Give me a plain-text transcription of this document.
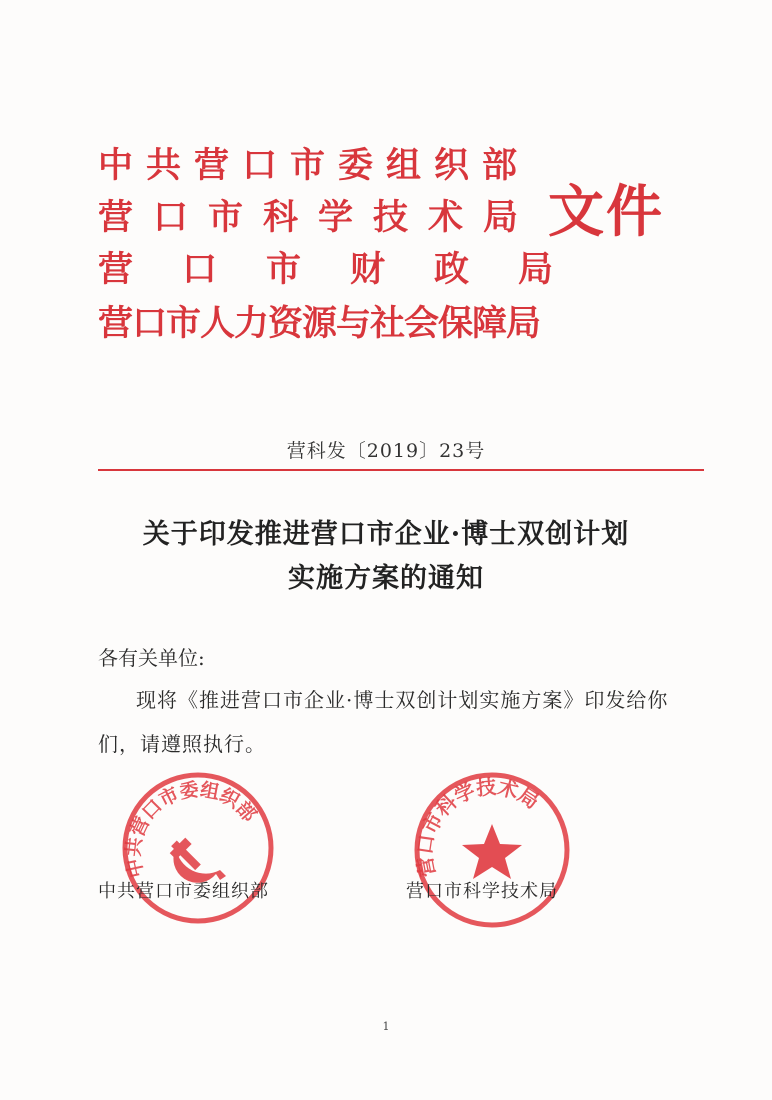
中共营口市委组织部
营口市科学技术局
营口市财政局
营口市人力资源与社会保障局
文件
营科发〔2019〕23号
关于印发推进营口市企业·博士双创计划
实施方案的通知
各有关单位:
现将《推进营口市企业·博士双创计划实施方案》印发给你
们，请遵照执行。
中共营口市委组织部
营口市科学技术局
中共营口市委组织部	营口市科学技术局
1
